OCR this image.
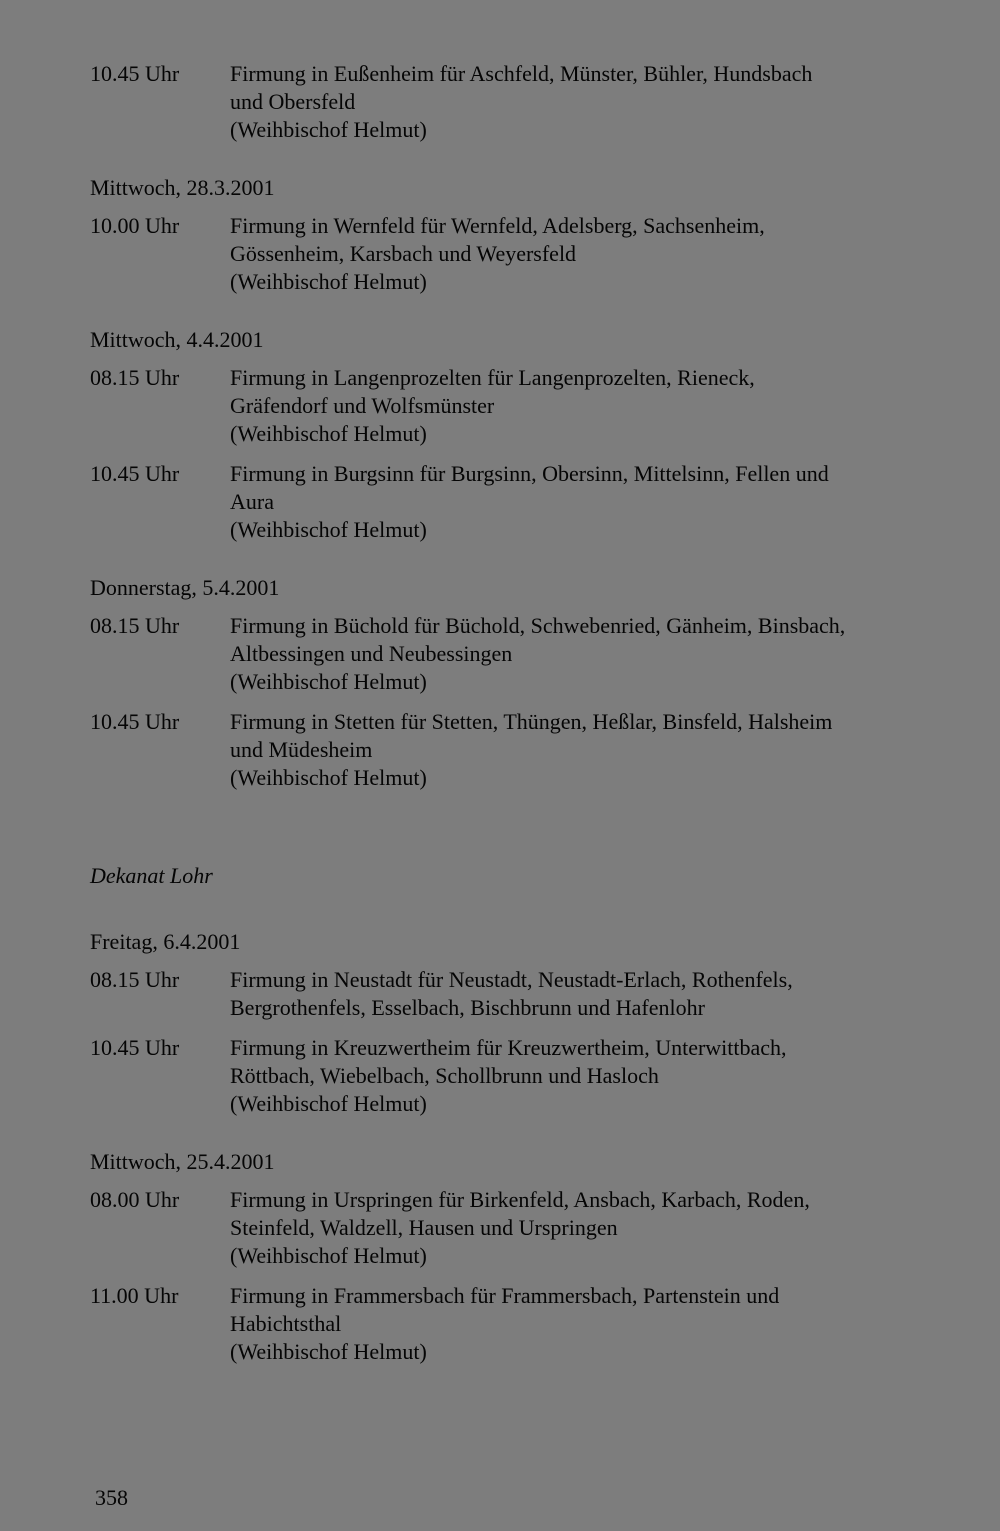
10.45 Uhr	Firmung in Eußenheim für Aschfeld, Münster, Bühler, Hundsbach
und Obersfeld
(Weihbischof Helmut)
Mittwoch, 28.3.2001
10.00 Uhr	Firmung in Wernfeld für Wernfeld, Adelsberg, Sachsenheim,
Gössenheim, Karsbach und Weyersfeld
(Weihbischof Helmut)
Mittwoch, 4.4.2001
08.15 Uhr	Firmung in Langenprozelten für Langenprozelten, Rieneck,
Gräfendorf und Wolfsmünster
(Weihbischof Helmut)
10.45 Uhr	Firmung in Burgsinn für Burgsinn, Obersinn, Mittelsinn, Fellen und
Aura
(Weihbischof Helmut)
Donnerstag, 5.4.2001
08.15 Uhr	Firmung in Büchold für Büchold, Schwebenried, Gänheim, Binsbach,
Altbessingen und Neubessingen
(Weihbischof Helmut)
10.45 Uhr	Firmung in Stetten für Stetten, Thüngen, Heßlar, Binsfeld, Halsheim
und Müdesheim
(Weihbischof Helmut)
Dekanat Lohr
Freitag, 6.4.2001
08.15 Uhr	Firmung in Neustadt für Neustadt, Neustadt-Erlach, Rothenfels,
Bergrothenfels, Esselbach, Bischbrunn und Hafenlohr
10.45 Uhr	Firmung in Kreuzwertheim für Kreuzwertheim, Unterwittbach,
Röttbach, Wiebelbach, Schollbrunn und Hasloch
(Weihbischof Helmut)
Mittwoch, 25.4.2001
08.00 Uhr	Firmung in Urspringen für Birkenfeld, Ansbach, Karbach, Roden,
Steinfeld, Waldzell, Hausen und Urspringen
(Weihbischof Helmut)
11.00 Uhr	Firmung in Frammersbach für Frammersbach, Partenstein und
Habichtsthal
(Weihbischof Helmut)
358
